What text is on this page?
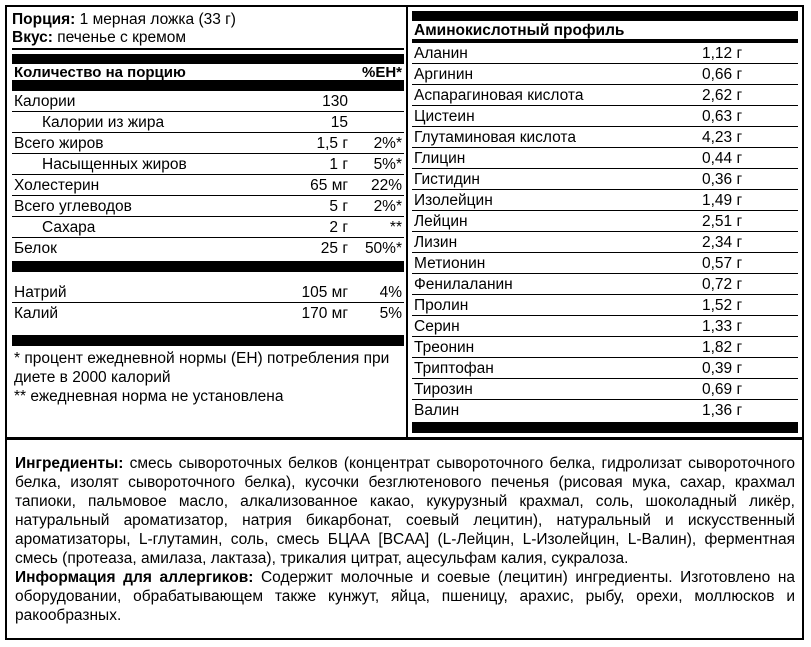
Порция: 1 мерная ложка (33 г)
Вкус: печенье с кремом
Количество на порцию	%ЕН*
Калории	130
Калории из жира	15
Всего жиров	1,5 г 2%*
Насыщенных жиров	1 г 5%*
Холестерин	65 мг 22%
Всего углеводов	5 г 2%*
Сахара	2 г	**
Белок	25 г 50%*
Натрий	105 мг 4%
Калий	170 мг 5%
* процент ежедневной нормы (ЕН) потребления при диете в 2000 калорий
** ежедневная норма не установлена
Аминокислотный профиль
Аланин	1,12 г
Аргинин	0,66 г
Аспарагиновая кислота	2,62 г
Цистеин	0,63 г
Глутаминовая кислота	4,23 г
Глицин	0,44 г
Гистидин	0,36 г
Изолейцин	1,49 г
Лейцин	2,51 г
Лизин	2,34 г
Метионин	0,57 г
Фенилаланин	0,72 г
Пролин	1,52 г
Серин	1,33 г
Треонин	1,82 г
Триптофан	0,39 г
Тирозин	0,69 г
Валин	1,36 г
Ингредиенты: смесь сывороточных белков (концентрат сывороточного белка, гидролизат сывороточного белка, изолят сывороточного белка), кусочки безглютенового печенья (рисовая мука, сахар, крахмал тапиоки, пальмовое масло, алкализованное какао, кукурузный крахмал, соль, шоколадный ликёр, натуральный ароматизатор, натрия бикарбонат, соевый лецитин), натуральный и искусственный ароматизаторы, L-глутамин, соль, смесь БЦАА [BCAA] (L-Лейцин, L-Изолейцин, L-Валин), ферментная смесь (протеаза, амилаза, лактаза), трикалия цитрат, ацесульфам калия, сукралоза.
Информация для аллергиков: Содержит молочные и соевые (лецитин) ингредиенты. Изготовлено на оборудовании, обрабатывающем также кунжут, яйца, пшеницу, арахис, рыбу, орехи, моллюсков и ракообразных.
